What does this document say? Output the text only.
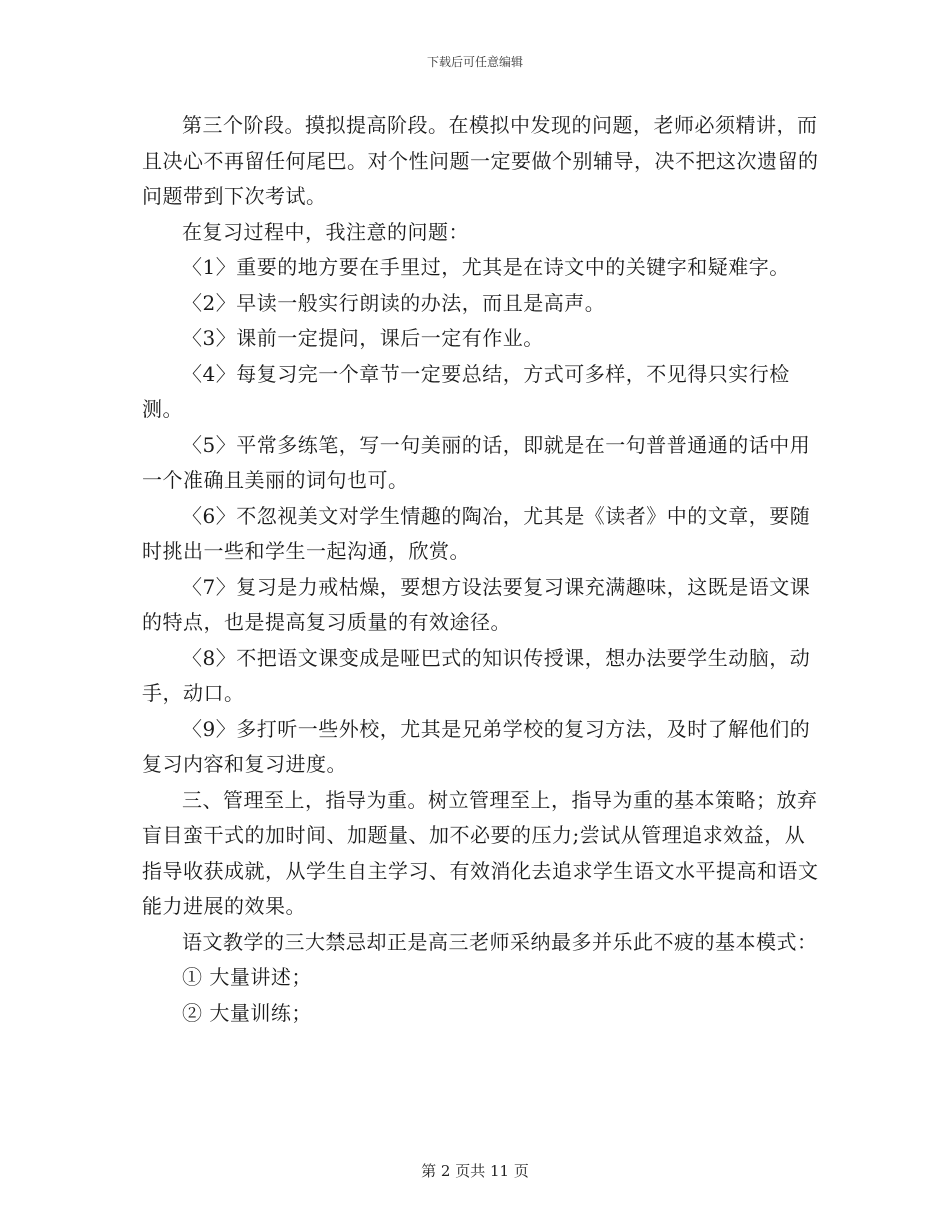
下载后可任意编辑

第三个阶段。摸拟提高阶段。在模拟中发现的问题，老师必须精讲，而且决心不再留任何尾巴。对个性问题一定要做个别辅导，决不把这次遗留的问题带到下次考试。

在复习过程中，我注意的问题：

〈1〉重要的地方要在手里过，尤其是在诗文中的关键字和疑难字。

〈2〉早读一般实行朗读的办法，而且是高声。

〈3〉课前一定提问，课后一定有作业。

〈4〉每复习完一个章节一定要总结，方式可多样，不见得只实行检测。

〈5〉平常多练笔，写一句美丽的话，即就是在一句普普通通的话中用一个准确且美丽的词句也可。

〈6〉不忽视美文对学生情趣的陶冶，尤其是《读者》中的文章，要随时挑出一些和学生一起沟通，欣赏。

〈7〉复习是力戒枯燥，要想方设法要复习课充满趣味，这既是语文课的特点，也是提高复习质量的有效途径。

〈8〉不把语文课变成是哑巴式的知识传授课，想办法要学生动脑，动手，动口。

〈9〉多打听一些外校，尤其是兄弟学校的复习方法，及时了解他们的复习内容和复习进度。

三、管理至上，指导为重。树立管理至上，指导为重的基本策略；放弃盲目蛮干式的加时间、加题量、加不必要的压力;尝试从管理追求效益，从指导收获成就，从学生自主学习、有效消化去追求学生语文水平提高和语文能力进展的效果。

语文教学的三大禁忌却正是高三老师采纳最多并乐此不疲的基本模式：

① 大量讲述；

② 大量训练；

第 2 页共 11 页
